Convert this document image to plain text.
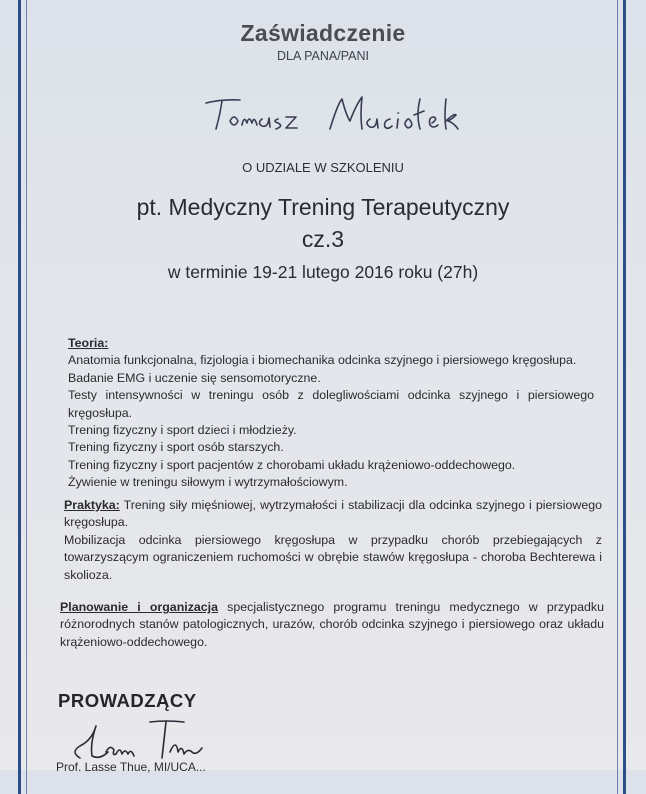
Zaświadczenie
DLA PANA/PANI
O UDZIALE W SZKOLENIU
pt. Medyczny Trening Terapeutyczny
cz.3
w terminie 19-21 lutego 2016 roku (27h)
Teoria:
Anatomia funkcjonalna, fizjologia i biomechanika odcinka szyjnego i piersiowego kręgosłupa.
Badanie EMG i uczenie się sensomotoryczne.
Testy intensywności w treningu osób z dolegliwościami odcinka szyjnego i piersiowego kręgosłupa.
Trening fizyczny i sport dzieci i młodzieży.
Trening fizyczny i sport osób starszych.
Trening fizyczny i sport pacjentów z chorobami układu krążeniowo-oddechowego.
Żywienie w treningu siłowym i wytrzymałościowym.
Praktyka: Trening siły mięśniowej, wytrzymałości i stabilizacji dla odcinka szyjnego i piersiowego kręgosłupa.
Mobilizacja odcinka piersiowego kręgosłupa w przypadku chorób przebiegających z towarzyszącym ograniczeniem ruchomości w obrębie stawów kręgosłupa - choroba Bechterewa i skolioza.
Planowanie i organizacja specjalistycznego programu treningu medycznego w przypadku różnorodnych stanów patologicznych, urazów, chorób odcinka szyjnego i piersiowego oraz układu krążeniowo-oddechowego.
PROWADZĄCY
Prof. Lasse Thue, MI/UCA...
